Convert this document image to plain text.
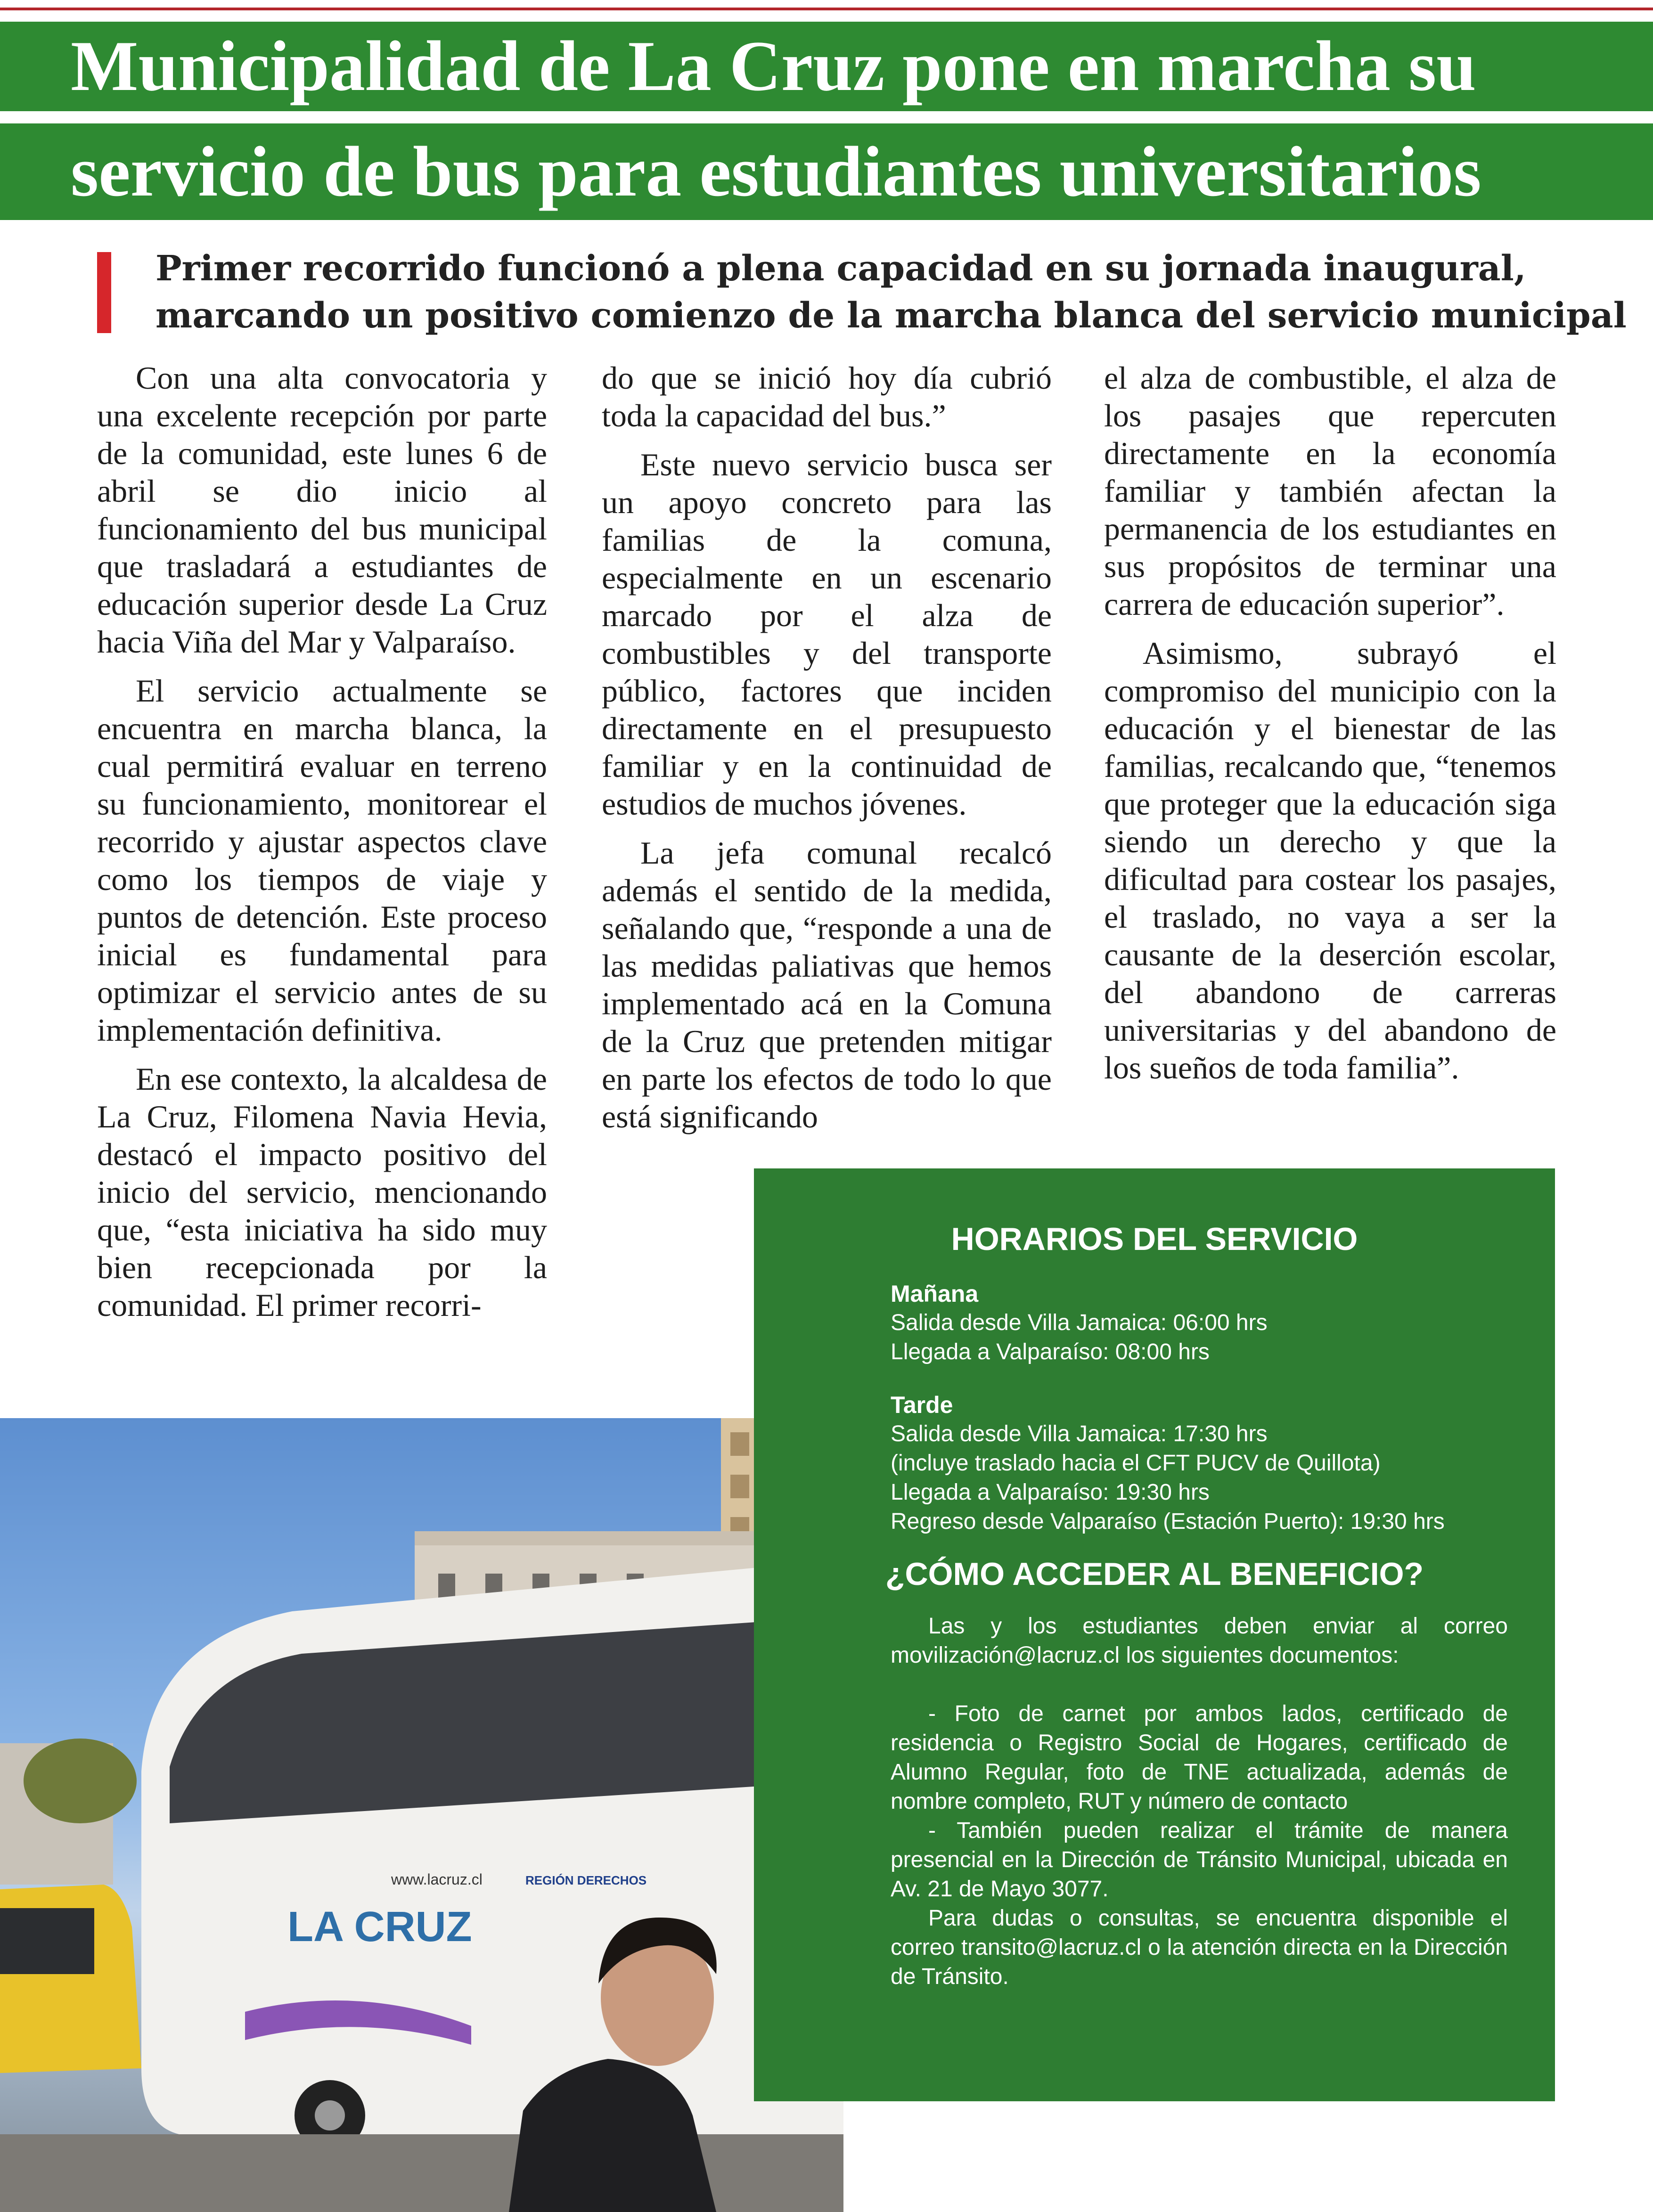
Municipalidad de La Cruz pone en marcha su
servicio de bus para estudiantes universitarios
Primer recorrido funcionó a plena capacidad en su jornada inaugural,
marcando un positivo comienzo de la marcha blanca del servicio municipal

Con una alta convocatoria y una excelente recepción por parte de la comunidad, este lunes 6 de abril se dio inicio al funcionamiento del bus municipal que trasladará a estudiantes de educación superior desde La Cruz hacia Viña del Mar y Valparaíso.

El servicio actualmente se encuentra en marcha blanca, la cual permitirá evaluar en terreno su funcionamiento, monitorear el recorrido y ajustar aspectos clave como los tiempos de viaje y puntos de detención. Este proceso inicial es fundamental para optimizar el servicio antes de su implementación definitiva.

En ese contexto, la alcaldesa de La Cruz, Filomena Navia Hevia, destacó el impacto positivo del inicio del servicio, mencionando que, “esta iniciativa ha sido muy bien recepcionada por la comunidad. El primer recorri-

do que se inició hoy día cubrió toda la capacidad del bus.”

Este nuevo servicio busca ser un apoyo concreto para las familias de la comuna, especialmente en un escenario marcado por el alza de combustibles y del transporte público, factores que inciden directamente en el presupuesto familiar y en la continuidad de estudios de muchos jóvenes.

La jefa comunal recalcó además el sentido de la medida, señalando que, “responde a una de las medidas paliativas que hemos implementado acá en la Comuna de la Cruz que pretenden mitigar en parte los efectos de todo lo que está significando

el alza de combustible, el alza de los pasajes que repercuten directamente en la economía familiar y también afectan la permanencia de los estudiantes en sus propósitos de terminar una carrera de educación superior”.

Asimismo, subrayó el compromiso del municipio con la educación y el bienestar de las familias, recalcando que, “tenemos que proteger que la educación siga siendo un derecho y que la dificultad para costear los pasajes, el traslado, no vaya a ser la causante de la deserción escolar, del abandono de carreras universitarias y del abandono de los sueños de toda familia”.

LA CRUZ
www.lacruz.cl	REGIÓN DERECHOS
HORARIOS DEL SERVICIO
Mañana
Salida desde Villa Jamaica: 06:00 hrs
Llegada a Valparaíso: 08:00 hrs
Tarde
Salida desde Villa Jamaica: 17:30 hrs
(incluye traslado hacia el CFT PUCV de Quillota)
Llegada a Valparaíso: 19:30 hrs
Regreso desde Valparaíso (Estación Puerto): 19:30 hrs
¿CÓMO ACCEDER AL BENEFICIO?
Las y los estudiantes deben enviar al correo movilización@lacruz.cl los siguientes documentos:
- Foto de carnet por ambos lados, certificado de residencia o Registro Social de Hogares, certificado de Alumno Regular, foto de TNE actualizada, además de nombre completo, RUT y número de contacto
- También pueden realizar el trámite de manera presencial en la Dirección de Tránsito Municipal, ubicada en Av. 21 de Mayo 3077.
Para dudas o consultas, se encuentra disponible el correo transito@lacruz.cl o la atención directa en la Dirección de Tránsito.
